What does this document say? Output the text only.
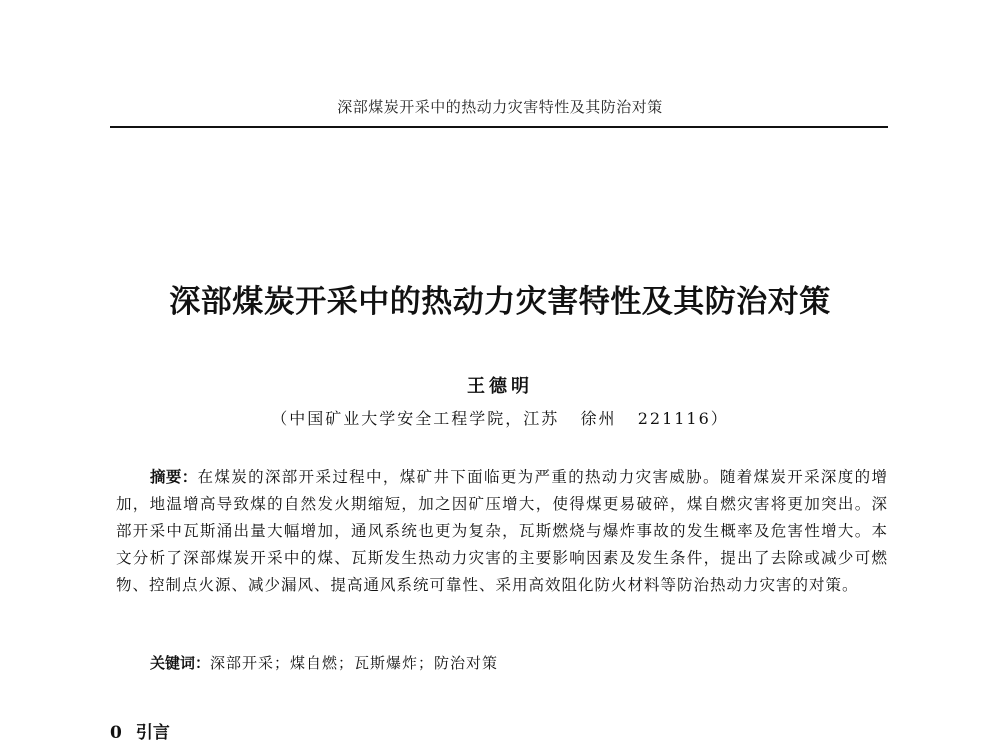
深部煤炭开采中的热动力灾害特性及其防治对策
深部煤炭开采中的热动力灾害特性及其防治对策
王德明
（中国矿业大学安全工程学院，江苏   徐州   221116）
摘要：在煤炭的深部开采过程中，煤矿井下面临更为严重的热动力灾害威胁。随着煤炭开采深度的增加，地温增高导致煤的自然发火期缩短，加之因矿压增大，使得煤更易破碎，煤自燃灾害将更加突出。深部开采中瓦斯涌出量大幅增加，通风系统也更为复杂，瓦斯燃烧与爆炸事故的发生概率及危害性增大。本文分析了深部煤炭开采中的煤、瓦斯发生热动力灾害的主要影响因素及发生条件，提出了去除或减少可燃物、控制点火源、减少漏风、提高通风系统可靠性、采用高效阻化防火材料等防治热动力灾害的对策。
关键词：深部开采；煤自燃；瓦斯爆炸；防治对策
0 引言
